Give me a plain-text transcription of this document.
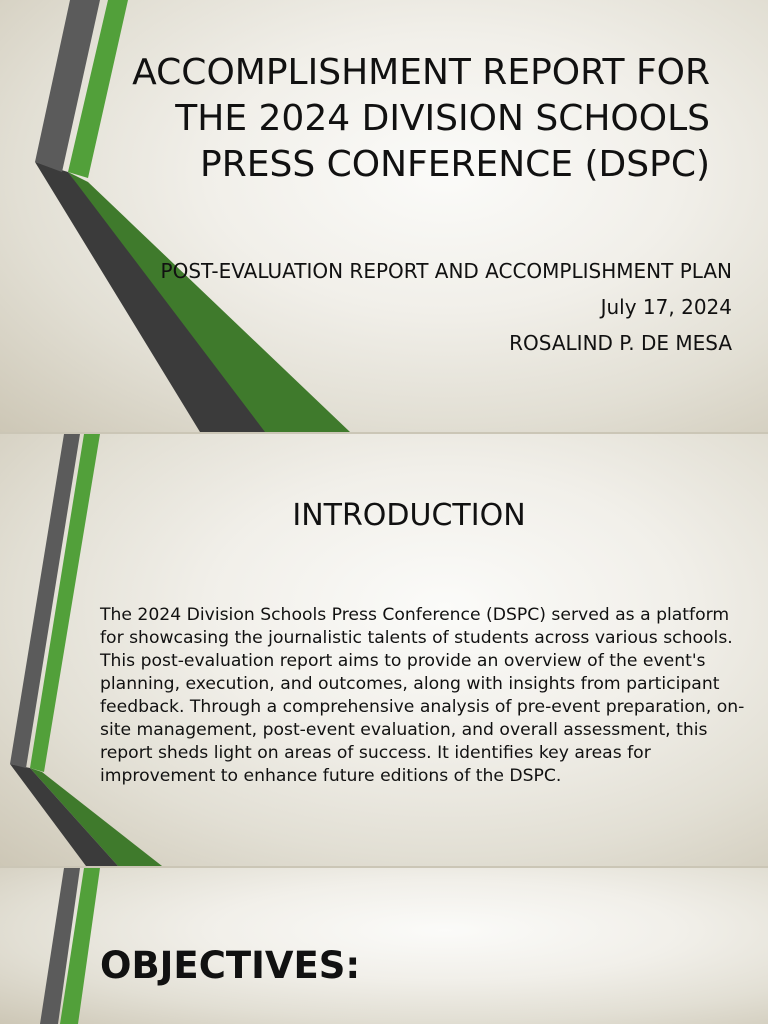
ACCOMPLISHMENT REPORT FOR THE 2024 DIVISION SCHOOLS PRESS CONFERENCE (DSPC)
POST-EVALUATION REPORT AND ACCOMPLISHMENT PLAN
July 17, 2024
ROSALIND P. DE MESA
INTRODUCTION
The 2024 Division Schools Press Conference (DSPC) served as a platform for showcasing the journalistic talents of students across various schools. This post-evaluation report aims to provide an overview of the event's planning, execution, and outcomes, along with insights from participant feedback. Through a comprehensive analysis of pre-event preparation, on-site management, post-event evaluation, and overall assessment, this report sheds light on areas of success. It identifies key areas for improvement to enhance future editions of the DSPC.
OBJECTIVES:
